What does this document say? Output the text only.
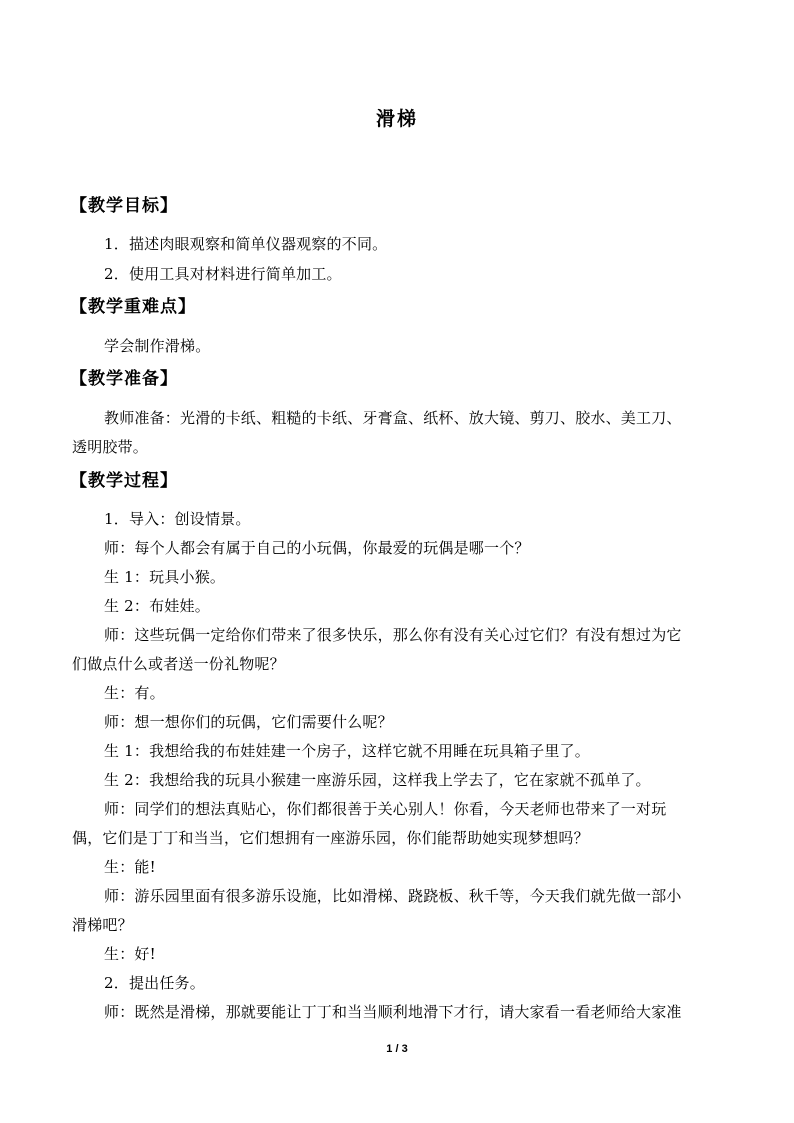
滑梯
【教学目标】
1．描述肉眼观察和简单仪器观察的不同。
2．使用工具对材料进行简单加工。
【教学重难点】
学会制作滑梯。
【教学准备】
教师准备：光滑的卡纸、粗糙的卡纸、牙膏盒、纸杯、放大镜、剪刀、胶水、美工刀、
透明胶带。
【教学过程】
1．导入：创设情景。
师：每个人都会有属于自己的小玩偶，你最爱的玩偶是哪一个？
生 1：玩具小猴。
生 2：布娃娃。
师：这些玩偶一定给你们带来了很多快乐，那么你有没有关心过它们？有没有想过为它
们做点什么或者送一份礼物呢？
生：有。
师：想一想你们的玩偶，它们需要什么呢？
生 1：我想给我的布娃娃建一个房子，这样它就不用睡在玩具箱子里了。
生 2：我想给我的玩具小猴建一座游乐园，这样我上学去了，它在家就不孤单了。
师：同学们的想法真贴心，你们都很善于关心别人！你看，今天老师也带来了一对玩
偶，它们是丁丁和当当，它们想拥有一座游乐园，你们能帮助她实现梦想吗？
生：能!
师：游乐园里面有很多游乐设施，比如滑梯、跷跷板、秋千等，今天我们就先做一部小
滑梯吧？
生：好!
2．提出任务。
师：既然是滑梯，那就要能让丁丁和当当顺利地滑下才行，请大家看一看老师给大家准
1 / 3
